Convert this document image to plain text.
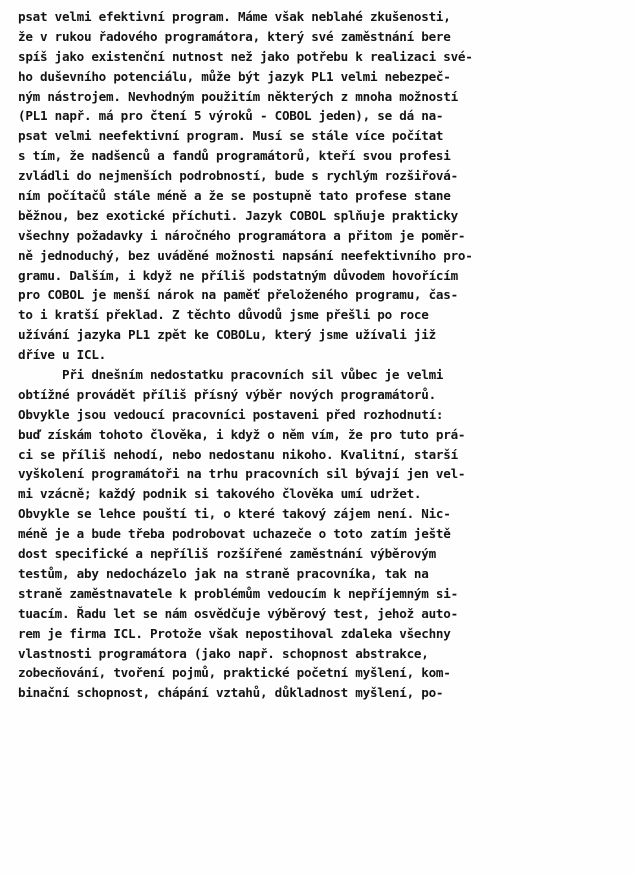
psat velmi efektivní program. Máme však neblahé zkušenosti,
že v rukou řadového programátora, který své zaměstnání bere
spíš jako existenční nutnost než jako potřebu k realizaci své-
ho duševního potenciálu, může být jazyk PL1 velmi nebezpeč-
ným nástrojem. Nevhodným použitím některých z mnoha možností
(PL1 např. má pro čtení 5 výroků - COBOL jeden), se dá na-
psat velmi neefektivní program. Musí se stále více počítat
s tím, že nadšenců a fandů programátorů, kteří svou profesi
zvládli do nejmenších podrobností, bude s rychlým rozšiřová-
ním počítačů stále méně a že se postupně tato profese stane
běžnou, bez exotické příchuti. Jazyk COBOL splňuje prakticky
všechny požadavky i náročného programátora a přitom je poměr-
ně jednoduchý, bez uváděné možnosti napsání neefektivního pro-
gramu. Dalším, i když ne příliš podstatným důvodem hovořícím
pro COBOL je menší nárok na paměť přeloženého programu, čas-
to i kratší překlad. Z těchto důvodů jsme přešli po roce
užívání jazyka PL1 zpět ke COBOLu, který jsme užívali již
dříve u ICL.
Při dnešním nedostatku pracovních sil vůbec je velmi
obtížné provádět příliš přísný výběr nových programátorů.
Obvykle jsou vedoucí pracovníci postaveni před rozhodnutí:
buď získám tohoto člověka, i když o něm vím, že pro tuto prá-
ci se příliš nehodí, nebo nedostanu nikoho. Kvalitní, starší
vyškolení programátoři na trhu pracovních sil bývají jen vel-
mi vzácně; každý podnik si takového člověka umí udržet.
Obvykle se lehce pouští ti, o které takový zájem není. Nic-
méně je a bude třeba podrobovat uchazeče o toto zatím ještě
dost specifické a nepříliš rozšířené zaměstnání výběrovým
testům, aby nedocházelo jak na straně pracovníka, tak na
straně zaměstnavatele k problémům vedoucím k nepříjemným si-
tuacím. Řadu let se nám osvědčuje výběrový test, jehož auto-
rem je firma ICL. Protože však nepostihoval zdaleka všechny
vlastnosti programátora (jako např. schopnost abstrakce,
zobecňování, tvoření pojmů, praktické početní myšlení, kom-
binační schopnost, chápání vztahů, důkladnost myšlení, po-
